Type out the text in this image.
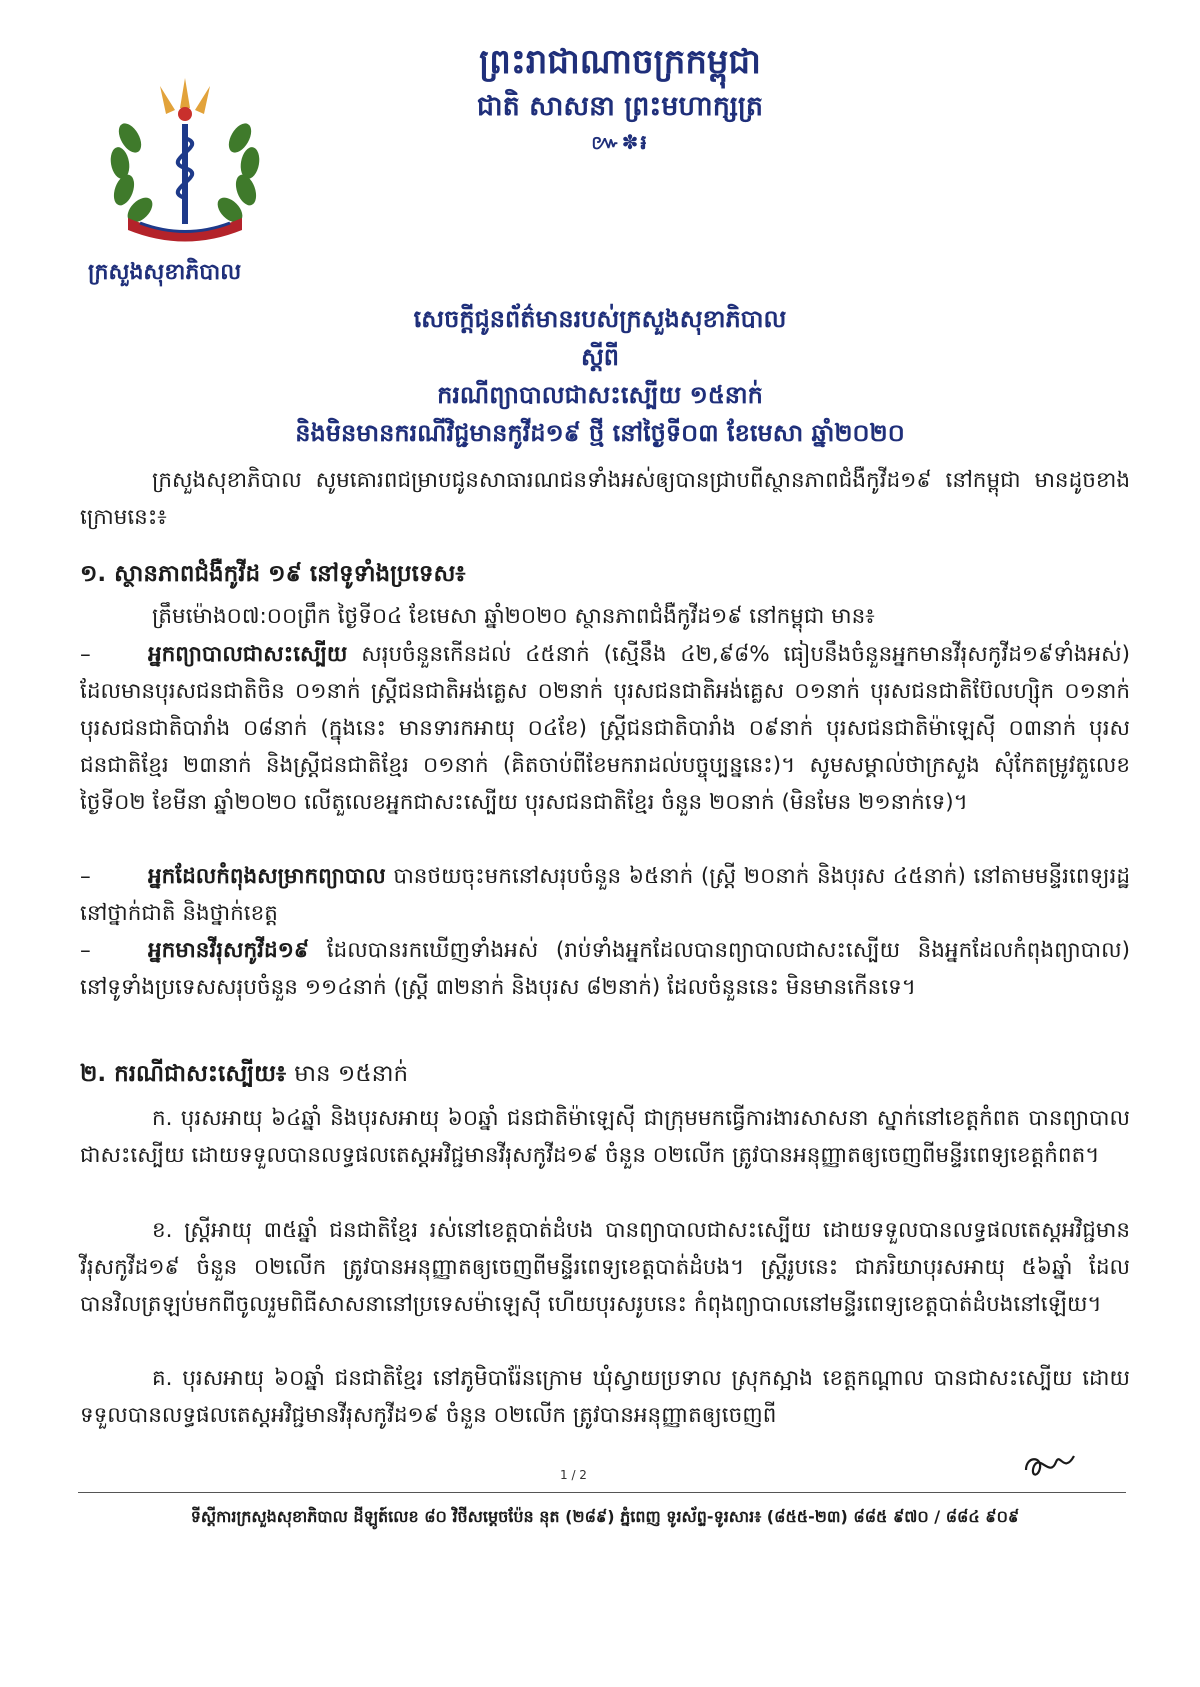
ក្រសួងសុខាភិបាល
ព្រះរាជាណាចក្រកម្ពុជា
ជាតិ សាសនា ព្រះមហាក្សត្រ
៚✽៛
សេចក្ដីជូនព័ត៌មានរបស់ក្រសួងសុខាភិបាល
ស្ដីពី
ករណីព្យាបាលជាសះស្បើយ ១៥នាក់
និងមិនមានករណីវិជ្ជមានកូវីដ១៩ ថ្មី នៅថ្ងៃទី០៣ ខែមេសា ឆ្នាំ២០២០
ក្រសួងសុខាភិបាល សូមគោរពជម្រាបជូនសាធារណជនទាំងអស់ឲ្យបានជ្រាបពីស្ថានភាពជំងឺកូវីដ១៩ នៅកម្ពុជា មានដូចខាងក្រោមនេះ៖
១. ស្ថានភាពជំងឺកូវីដ ១៩ នៅទូទាំងប្រទេស៖
ត្រឹមម៉ោង០៧:០០ព្រឹក ថ្ងៃទី០៤ ខែមេសា ឆ្នាំ២០២០ ស្ថានភាពជំងឺកូវីដ១៩ នៅកម្ពុជា មាន៖
–	អ្នកព្យាបាលជាសះស្បើយ សរុបចំនួនកើនដល់ ៤៥នាក់ (ស្មើនឹង ៤២,៩៨% ធៀបនឹងចំនួនអ្នកមានវីរុសកូវីដ១៩ទាំងអស់) ដែលមានបុរសជនជាតិចិន ០១នាក់ ស្ត្រីជនជាតិអង់គ្លេស ០២នាក់ បុរសជនជាតិអង់គ្លេស ០១នាក់ បុរសជនជាតិប៊ែលហ្ស៊ិក ០១នាក់ បុរសជនជាតិបារាំង ០៨នាក់ (ក្នុងនេះ មានទារកអាយុ ០៤ខែ) ស្ត្រីជនជាតិបារាំង ០៩នាក់ បុរសជនជាតិម៉ាឡេស៊ី ០៣នាក់ បុរសជនជាតិខ្មែរ ២៣នាក់ និងស្ត្រីជនជាតិខ្មែរ ០១នាក់ (គិតចាប់ពីខែមករាដល់បច្ចុប្បន្ននេះ)។ សូមសម្គាល់ថាក្រសួង សុំកែតម្រូវតួលេខថ្ងៃទី០២ ខែមីនា ឆ្នាំ២០២០ លើតួលេខអ្នកជាសះស្បើយ បុរសជនជាតិខ្មែរ ចំនួន ២០នាក់ (មិនមែន ២១នាក់ទេ)។
–	អ្នកដែលកំពុងសម្រាកព្យាបាល បានថយចុះមកនៅសរុបចំនួន ៦៥នាក់ (ស្ត្រី ២០នាក់ និងបុរស ៤៥នាក់) នៅតាមមន្ទីរពេទ្យរដ្ឋនៅថ្នាក់ជាតិ និងថ្នាក់ខេត្ត
–	អ្នកមានវីរុសកូវីដ១៩ ដែលបានរកឃើញទាំងអស់ (រាប់ទាំងអ្នកដែលបានព្យាបាលជាសះស្បើយ និងអ្នកដែលកំពុងព្យាបាល) នៅទូទាំងប្រទេសសរុបចំនួន ១១៤នាក់ (ស្ត្រី ៣២នាក់ និងបុរស ៨២នាក់) ដែលចំនួននេះ មិនមានកើនទេ។
២. ករណីជាសះស្បើយ៖ មាន ១៥នាក់
ក. បុរសអាយុ ៦៤ឆ្នាំ និងបុរសអាយុ ៦០ឆ្នាំ ជនជាតិម៉ាឡេស៊ី ជាក្រុមមកធ្វើការងារសាសនា ស្នាក់នៅខេត្តកំពត បានព្យាបាលជាសះស្បើយ ដោយទទួលបានលទ្ធផលតេស្តអវិជ្ជមានវីរុសកូវីដ១៩ ចំនួន ០២លើក ត្រូវបានអនុញ្ញាតឲ្យចេញពីមន្ទីរពេទ្យខេត្តកំពត។
ខ. ស្ត្រីអាយុ ៣៥ឆ្នាំ ជនជាតិខ្មែរ រស់នៅខេត្តបាត់ដំបង បានព្យាបាលជាសះស្បើយ ដោយទទួលបានលទ្ធផលតេស្តអវិជ្ជមានវីរុសកូវីដ១៩ ចំនួន ០២លើក ត្រូវបានអនុញ្ញាតឲ្យចេញពីមន្ទីរពេទ្យខេត្តបាត់ដំបង។ ស្ត្រីរូបនេះ ជាភរិយាបុរសអាយុ ៥៦ឆ្នាំ ដែលបានវិលត្រឡប់មកពីចូលរួមពិធីសាសនានៅប្រទេសម៉ាឡេស៊ី ហើយបុរសរូបនេះ កំពុងព្យាបាលនៅមន្ទីរពេទ្យខេត្តបាត់ដំបងនៅឡើយ។
គ. បុរសអាយុ ៦០ឆ្នាំ ជនជាតិខ្មែរ នៅភូមិបារ៉ែនក្រោម ឃុំស្វាយប្រទាល ស្រុកស្អាង ខេត្តកណ្ដាល បានជាសះស្បើយ ដោយទទួលបានលទ្ធផលតេស្តអវិជ្ជមានវីរុសកូវីដ១៩ ចំនួន ០២លើក ត្រូវបានអនុញ្ញាតឲ្យចេញពី
1 / 2
ទីស្ដីការក្រសួងសុខាភិបាល ដីឡូត៍លេខ ៨០ វិថីសម្ដេចប៉ែន នុត (២៨៩) ភ្នំពេញ ទូរស័ព្ទ-ទូរសារ៖ (៨៥៥-២៣) ៨៨៥ ៩៧០ / ៨៨៤ ៩០៩
